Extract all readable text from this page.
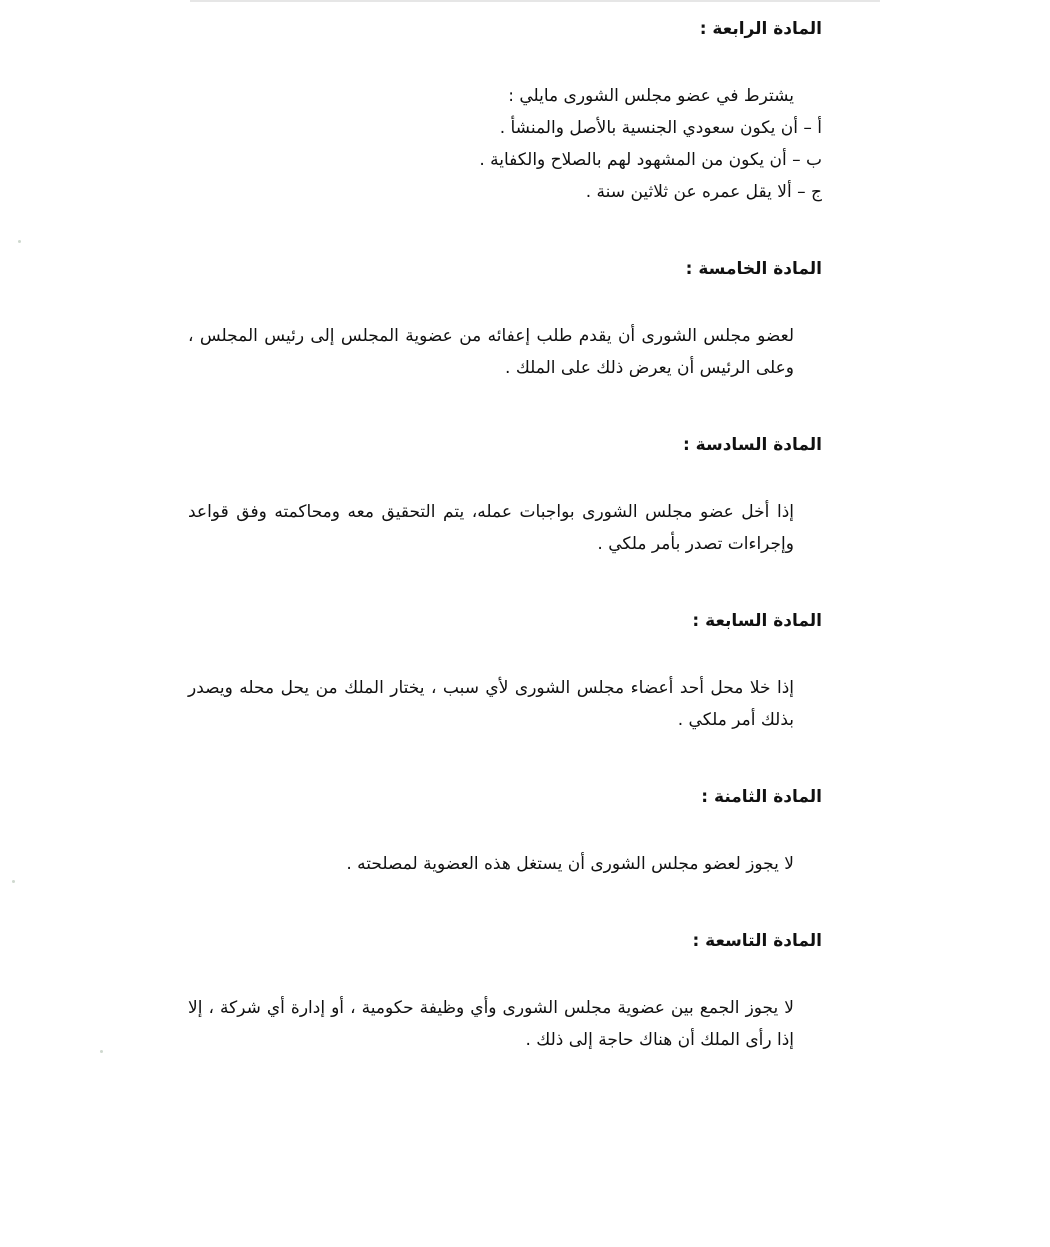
المادة الرابعة :

يشترط في عضو مجلس الشورى مايلي :

أ – أن يكون سعودي الجنسية بالأصل والمنشأ .

ب – أن يكون من المشهود لهم بالصلاح والكفاية .

ج – ألا يقل عمره عن ثلاثين سنة .

المادة الخامسة :

لعضو مجلس الشورى أن يقدم طلب إعفائه من عضوية المجلس إلى رئيس المجلس ، وعلى الرئيس أن يعرض ذلك على الملك .

المادة السادسة :

إذا أخل عضو مجلس الشورى بواجبات عمله، يتم التحقيق معه ومحاكمته وفق قواعد وإجراءات تصدر بأمر ملكي .

المادة السابعة :

إذا خلا محل أحد أعضاء مجلس الشورى لأي سبب ، يختار الملك من يحل محله ويصدر بذلك أمر ملكي .

المادة الثامنة :

لا يجوز لعضو مجلس الشورى أن يستغل هذه العضوية لمصلحته .

المادة التاسعة :

لا يجوز الجمع بين عضوية مجلس الشورى وأي وظيفة حكومية ، أو إدارة أي شركة ، إلا إذا رأى الملك أن هناك حاجة إلى ذلك .
